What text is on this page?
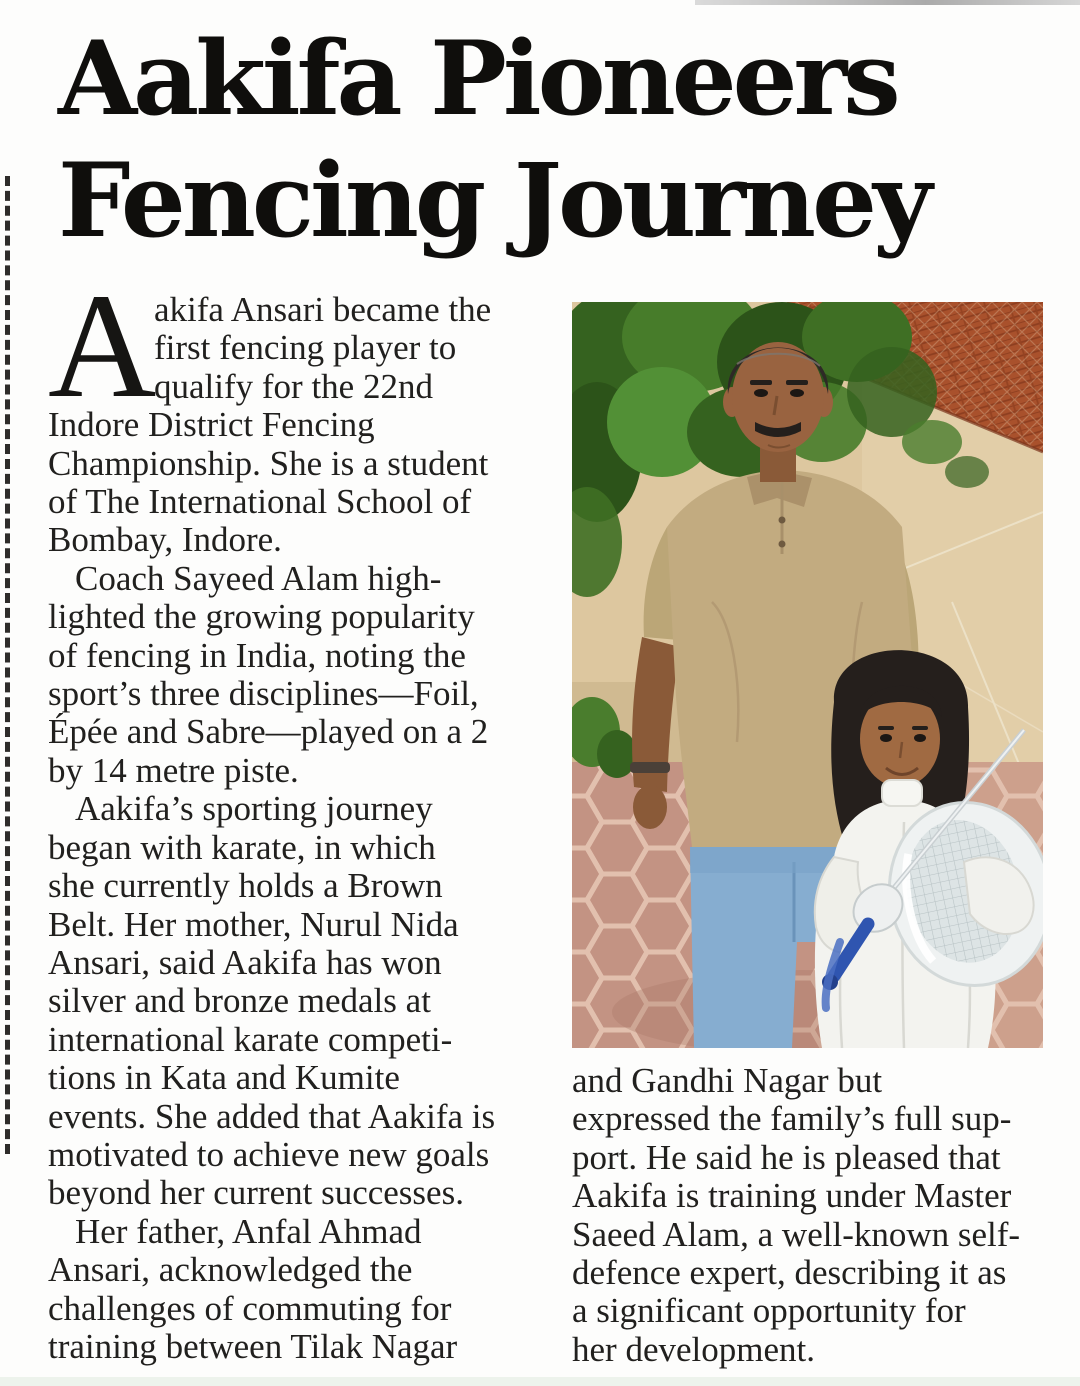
Aakifa Pioneers
Fencing Journey
A
akifa Ansari became the
first fencing player to
qualify for the 22nd
Indore District Fencing
Championship. She is a student
of The International School of
Bombay, Indore.
Coach Sayeed Alam high-
lighted the growing popularity
of fencing in India, noting the
sport’s three disciplines—Foil,
Épée and Sabre—played on a 2
by 14 metre piste.
Aakifa’s sporting journey
began with karate, in which
she currently holds a Brown
Belt. Her mother, Nurul Nida
Ansari, said Aakifa has won
silver and bronze medals at
international karate competi-
tions in Kata and Kumite
events. She added that Aakifa is
motivated to achieve new goals
beyond her current successes.
Her father, Anfal Ahmad
Ansari, acknowledged the
challenges of commuting for
training between Tilak Nagar
and Gandhi Nagar but
expressed the family’s full sup-
port. He said he is pleased that
Aakifa is training under Master
Saeed Alam, a well-known self-
defence expert, describing it as
a significant opportunity for
her development.
